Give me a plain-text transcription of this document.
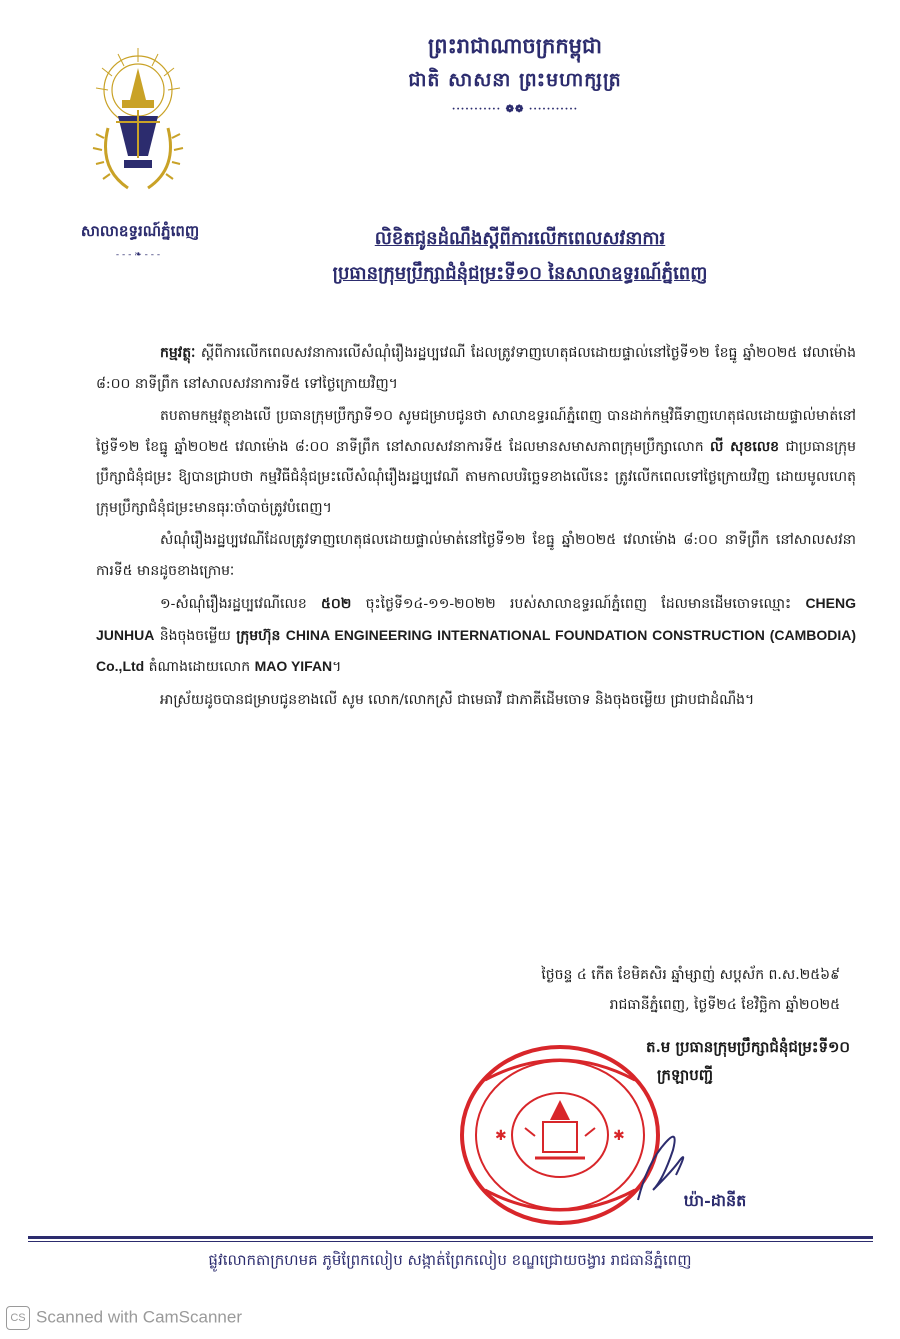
សាលាឧទ្ធរណ៍ភ្នំពេញ
- - - ❧ - - -
ព្រះរាជាណាចក្រកម្ពុជា
ជាតិ សាសនា ព្រះមហាក្សត្រ
··········· ❁❁ ···········
លិខិតជូនដំណឹងស្តីពីការលើកពេលសវនាការ
ប្រធានក្រុមប្រឹក្សាជំនុំជម្រះទី១០ នៃសាលាឧទ្ធរណ៍ភ្នំពេញ

កម្មវត្ថុៈ ស្តីពីការលើកពេលសវនាការលើសំណុំរឿងរដ្ឋប្បវេណី ដែលត្រូវទាញហេតុផលដោយផ្ទាល់នៅថ្ងៃទី១២ ខែធ្នូ ឆ្នាំ២០២៥ វេលាម៉ោង ៨:០០ នាទីព្រឹក នៅសាលសវនាការទី៥ ទៅថ្ងៃក្រោយវិញ។

តបតាមកម្មវត្ថុខាងលើ ប្រធានក្រុមប្រឹក្សាទី១០ សូមជម្រាបជូនថា សាលាឧទ្ធរណ៍ភ្នំពេញ បានដាក់កម្មវិធីទាញហេតុផលដោយផ្ទាល់មាត់នៅថ្ងៃទី១២ ខែធ្នូ ឆ្នាំ២០២៥ វេលាម៉ោង ៨:០០ នាទីព្រឹក នៅសាលសវនាការទី៥ ដែលមានសមាសភាពក្រុមប្រឹក្សាលោក លី សុខលេខ ជាប្រធានក្រុមប្រឹក្សាជំនុំជម្រះ ឱ្យបានជ្រាបថា កម្មវិធីជំនុំជម្រះលើសំណុំរឿងរដ្ឋប្បវេណី តាមកាលបរិច្ឆេទខាងលើនេះ ត្រូវលើកពេលទៅថ្ងៃក្រោយវិញ ដោយមូលហេតុក្រុមប្រឹក្សាជំនុំជម្រះមានធុរៈចាំបាច់ត្រូវបំពេញ។

សំណុំរឿងរដ្ឋប្បវេណីដែលត្រូវទាញហេតុផលដោយផ្ទាល់មាត់នៅថ្ងៃទី១២ ខែធ្នូ ឆ្នាំ២០២៥ វេលាម៉ោង ៨:០០ នាទីព្រឹក នៅសាលសវនាការទី៥ មានដូចខាងក្រោមៈ

១-សំណុំរឿងរដ្ឋប្បវេណីលេខ ៥០២ ចុះថ្ងៃទី១៤-១១-២០២២ របស់សាលាឧទ្ធរណ៍ភ្នំពេញ ដែលមានដើមចោទឈ្មោះ CHENG JUNHUA និងចុងចម្លើយ ក្រុមហ៊ុន CHINA ENGINEERING INTERNATIONAL FOUNDATION CONSTRUCTION (CAMBODIA) Co.,Ltd តំណាងដោយលោក MAO YIFAN។

អាស្រ័យដូចបានជម្រាបជូនខាងលើ សូម លោក/លោកស្រី ជាមេធាវី ជាភាគីដើមចោទ និងចុងចម្លើយ ជ្រាបជាដំណឹង។

ថ្ងៃចន្ទ ៤ កើត ខែមិគសិរ ឆ្នាំម្សាញ់ សប្តស័ក ព.ស.២៥៦៩
រាជធានីភ្នំពេញ, ថ្ងៃទី២៤ ខែវិច្ឆិកា ឆ្នាំ២០២៥
✱	✱
ត.ម ប្រធានក្រុមប្រឹក្សាជំនុំជម្រះទី១០
ក្រឡាបញ្ជី
ឃ៉ា-ដានីត
ផ្លូវលោកតាក្រហមគ ភូមិព្រែកលៀប សង្កាត់ព្រែកលៀប ខណ្ឌជ្រោយចង្វារ រាជធានីភ្នំពេញ
CS Scanned with CamScanner
